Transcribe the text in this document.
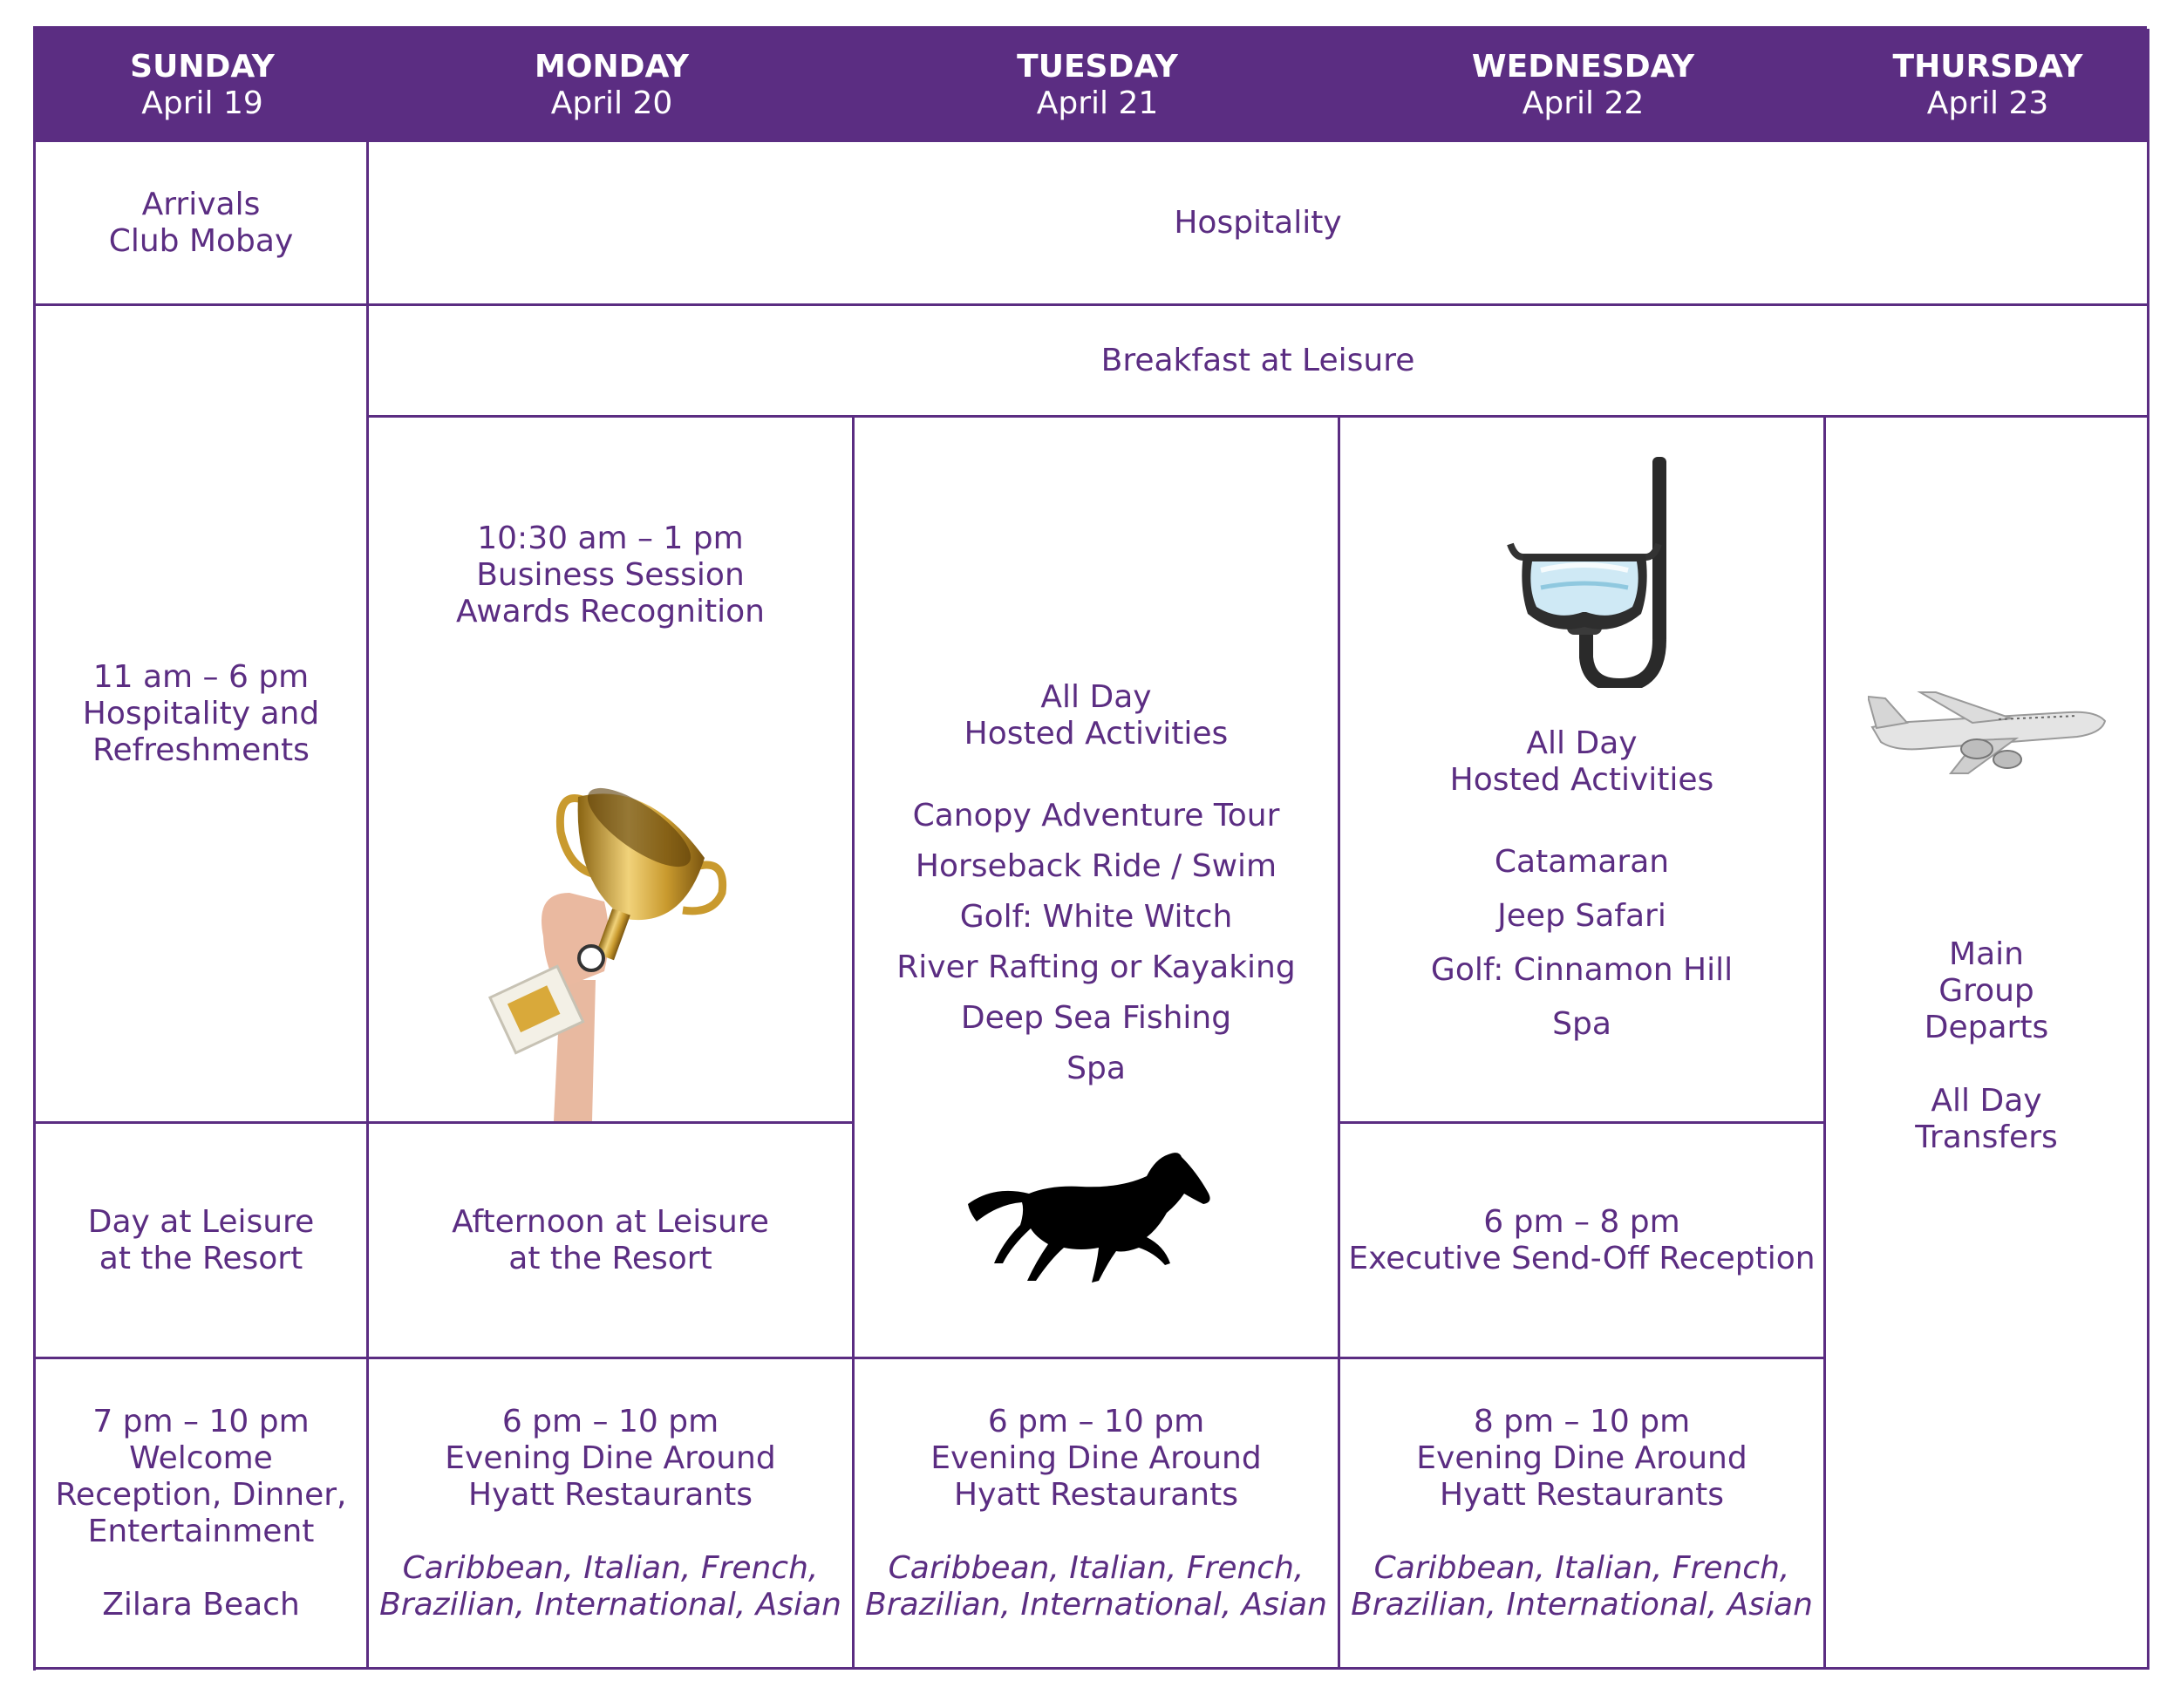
SUNDAY
April 19
MONDAY
April 20
TUESDAY
April 21
WEDNESDAY
April 22
THURSDAY
April 23
Arrivals
Club Mobay
Hospitality
11 am – 6 pm
Hospitality and
Refreshments
Breakfast at Leisure
10:30 am – 1 pm
Business Session
Awards Recognition
All Day
Hosted Activities
Canopy Adventure Tour
Horseback Ride / Swim
Golf: White Witch
River Rafting or Kayaking
Deep Sea Fishing
Spa
All Day
Hosted Activities
Catamaran
Jeep Safari
Golf: Cinnamon Hill
Spa
Main
Group
Departs
All Day
Transfers
Day at Leisure
at the Resort
Afternoon at Leisure
at the Resort
6 pm – 8 pm
Executive Send-Off Reception
7 pm – 10 pm
Welcome
Reception, Dinner,
Entertainment
Zilara Beach
6 pm – 10 pm
Evening Dine Around
Hyatt Restaurants
Caribbean, Italian, French,
Brazilian, International, Asian
6 pm – 10 pm
Evening Dine Around
Hyatt Restaurants
Caribbean, Italian, French,
Brazilian, International, Asian
8 pm – 10 pm
Evening Dine Around
Hyatt Restaurants
Caribbean, Italian, French,
Brazilian, International, Asian
